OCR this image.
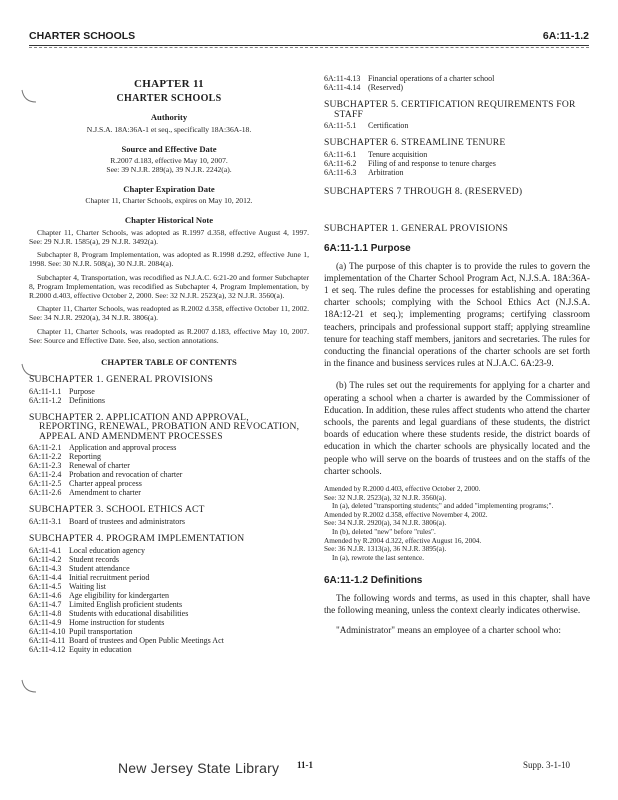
CHARTER SCHOOLS	6A:11-1.2
CHAPTER 11
CHARTER SCHOOLS
Authority

N.J.S.A. 18A:36A-1 et seq., specifically 18A:36A-18.

Source and Effective Date

R.2007 d.183, effective May 10, 2007.

See: 39 N.J.R. 289(a), 39 N.J.R. 2242(a).

Chapter Expiration Date

Chapter 11, Charter Schools, expires on May 10, 2012.

Chapter Historical Note

Chapter 11, Charter Schools, was adopted as R.1997 d.358, effective August 4, 1997. See: 29 N.J.R. 1585(a), 29 N.J.R. 3492(a).

Subchapter 8, Program Implementation, was adopted as R.1998 d.292, effective June 1, 1998. See: 30 N.J.R. 508(a), 30 N.J.R. 2084(a).

Subchapter 4, Transportation, was recodified as N.J.A.C. 6:21-20 and former Subchapter 8, Program Implementation, was recodified as Subchapter 4, Program Implementation, by R.2000 d.403, effective October 2, 2000. See: 32 N.J.R. 2523(a), 32 N.J.R. 3560(a).

Chapter 11, Charter Schools, was readopted as R.2002 d.358, effective October 11, 2002. See: 34 N.J.R. 2920(a), 34 N.J.R. 3806(a).

Chapter 11, Charter Schools, was readopted as R.2007 d.183, effective May 10, 2007. See: Source and Effective Date. See, also, section annotations.

CHAPTER TABLE OF CONTENTS
SUBCHAPTER 1. GENERAL PROVISIONS
6A:11-1.1 Purpose
6A:11-1.2 Definitions
SUBCHAPTER 2. APPLICATION AND APPROVAL, REPORTING, RENEWAL, PROBATION AND REVOCATION, APPEAL AND AMENDMENT PROCESSES
6A:11-2.1 Application and approval process
6A:11-2.2 Reporting
6A:11-2.3 Renewal of charter
6A:11-2.4 Probation and revocation of charter
6A:11-2.5 Charter appeal process
6A:11-2.6 Amendment to charter
SUBCHAPTER 3. SCHOOL ETHICS ACT
6A:11-3.1 Board of trustees and administrators
SUBCHAPTER 4. PROGRAM IMPLEMENTATION
6A:11-4.1 Local education agency
6A:11-4.2 Student records
6A:11-4.3 Student attendance
6A:11-4.4 Initial recruitment period
6A:11-4.5 Waiting list
6A:11-4.6 Age eligibility for kindergarten
6A:11-4.7 Limited English proficient students
6A:11-4.8 Students with educational disabilities
6A:11-4.9 Home instruction for students
6A:11-4.10 Pupil transportation
6A:11-4.11 Board of trustees and Open Public Meetings Act
6A:11-4.12 Equity in education
6A:11-4.13 Financial operations of a charter school
6A:11-4.14 (Reserved)
SUBCHAPTER 5. CERTIFICATION REQUIREMENTS FOR STAFF
6A:11-5.1	Certification
SUBCHAPTER 6. STREAMLINE TENURE
6A:11-6.1	Tenure acquisition
6A:11-6.2	Filing of and response to tenure charges
6A:11-6.3	Arbitration
SUBCHAPTERS 7 THROUGH 8. (RESERVED)
SUBCHAPTER 1. GENERAL PROVISIONS
6A:11-1.1 Purpose

(a) The purpose of this chapter is to provide the rules to govern the implementation of the Charter School Program Act, N.J.S.A. 18A:36A-1 et seq. The rules define the processes for establishing and operating charter schools; complying with the School Ethics Act (N.J.S.A. 18A:12-21 et seq.); implementing programs; certifying classroom teachers, principals and professional support staff; applying streamline tenure for teaching staff members, janitors and secretaries. The rules for conducting the financial operations of the charter schools are set forth in the finance and business services rules at N.J.A.C. 6A:23-9.

(b) The rules set out the requirements for applying for a charter and operating a school when a charter is awarded by the Commissioner of Education. In addition, these rules affect students who attend the charter schools, the parents and legal guardians of these students, the district boards of education where these students reside, the district boards of education in which the charter schools are physically located and the people who will serve on the boards of trustees and on the staffs of the charter schools.

Amended by R.2000 d.403, effective October 2, 2000.

See: 32 N.J.R. 2523(a), 32 N.J.R. 3560(a).

In (a), deleted "transporting students;" and added "implementing programs;".

Amended by R.2002 d.358, effective November 4, 2002.

See: 34 N.J.R. 2920(a), 34 N.J.R. 3806(a).

In (b), deleted "new" before "rules".

Amended by R.2004 d.322, effective August 16, 2004.

See: 36 N.J.R. 1313(a), 36 N.J.R. 3895(a).

In (a), rewrote the last sentence.

6A:11-1.2 Definitions

The following words and terms, as used in this chapter, shall have the following meaning, unless the context clearly indicates otherwise.

"Administrator" means an employee of a charter school who:

New Jersey State Library 11-1	Supp. 3-1-10
